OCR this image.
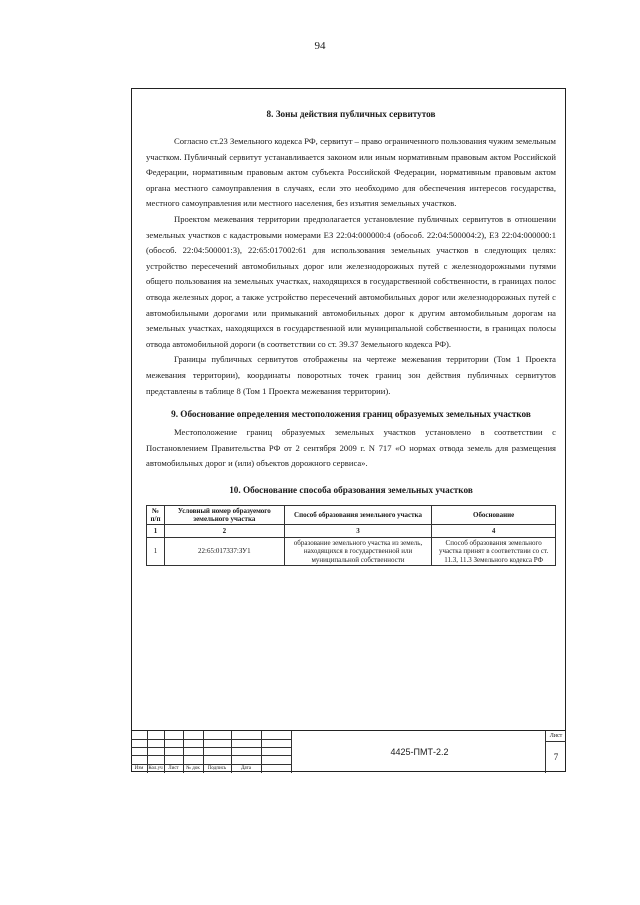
94
8. Зоны действия публичных сервитутов

Согласно ст.23 Земельного кодекса РФ, сервитут – право ограниченного пользования чужим земельным участком. Публичный сервитут устанавливается законом или иным нормативным правовым актом Российской Федерации, нормативным правовым актом субъекта Российской Федерации, нормативным правовым актом органа местного самоуправления в случаях, если это необходимо для обеспечения интересов государства, местного самоуправления или местного населения, без изъятия земельных участков.

Проектом межевания территории предполагается установление публичных сервитутов в отношении земельных участков с кадастровыми номерами ЕЗ 22:04:000000:4 (обособ. 22:04:500004:2), ЕЗ 22:04:000000:1 (обособ. 22:04:500001:3), 22:65:017002:61 для использования земельных участков в следующих целях: устройство пересечений автомобильных дорог или железнодорожных путей с железнодорожными путями общего пользования на земельных участках, находящихся в государственной собственности, в границах полос отвода железных дорог, а также устройство пересечений автомобильных дорог или железнодорожных путей с автомобильными дорогами или примыканий автомобильных дорог к другим автомобильным дорогам на земельных участках, находящихся в государственной или муниципальной собственности, в границах полосы отвода автомобильной дороги (в соответствии со ст. 39.37 Земельного кодекса РФ).

Границы публичных сервитутов отображены на чертеже межевания территории (Том 1 Проекта межевания территории), координаты поворотных точек границ зон действия публичных сервитутов представлены в таблице 8 (Том 1 Проекта межевания территории).

9. Обоснование определения местоположения границ образуемых земельных участков

Местоположение границ образуемых земельных участков установлено в соответствии с Постановлением Правительства РФ от 2 сентября 2009 г. N 717 «О нормах отвода земель для размещения автомобильных дорог и (или) объектов дорожного сервиса».

10. Обоснование способа образования земельных участков
№ п/п	Условный номер образуемого земельного участка	Способ образования земельного участка	Обоснование
1	2	3	4
1	22:65:017337:ЗУ1	образование земельного участка из земель, находящихся в государственной или муниципальной собственности	Способ образования земельного участка принят в соответствии со ст. 11.3, 11.3 Земельного кодекса РФ
Изм	Кол.уч	Лист	№ док	Подпись	Дата
4425-ПМТ-2.2
Лист
7
